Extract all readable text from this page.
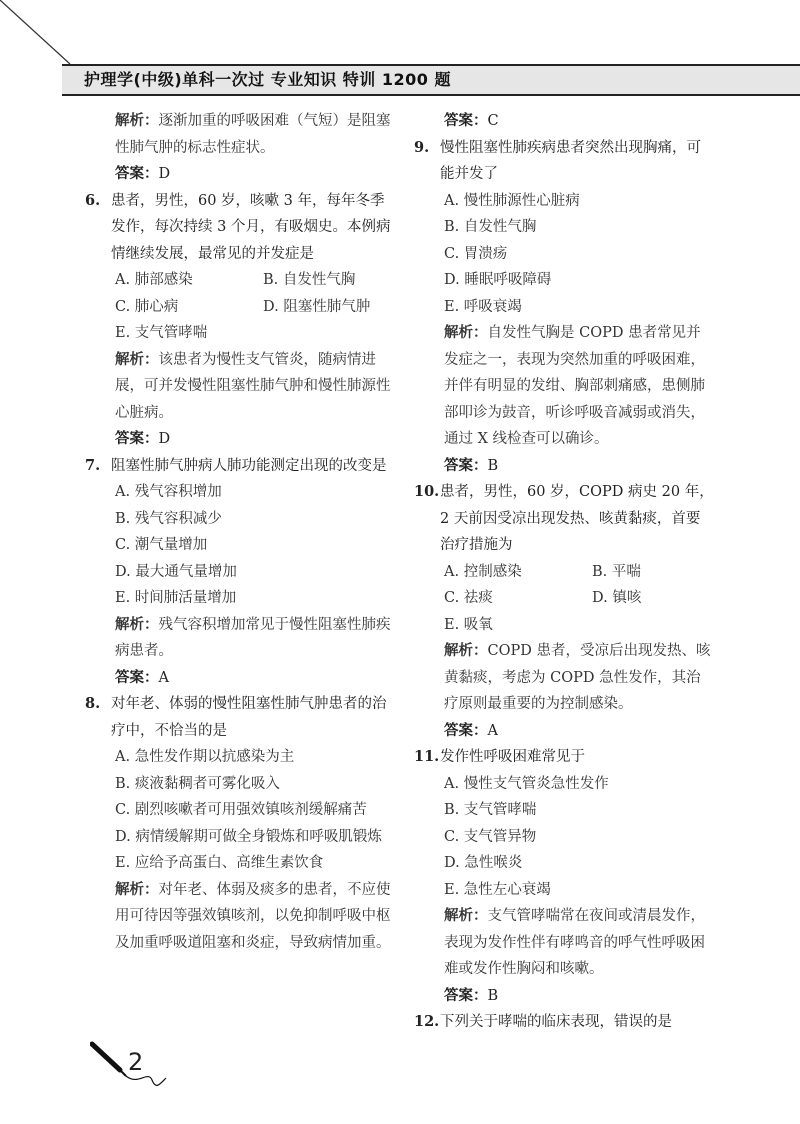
护理学(中级)单科一次过 专业知识 特训 1200 题
解析：逐渐加重的呼吸困难（气短）是阻塞性肺气肿的标志性症状。
答案：D
6. 患者，男性，60 岁，咳嗽 3 年，每年冬季发作，每次持续 3 个月，有吸烟史。本例病情继续发展，最常见的并发症是
A. 肺部感染	B. 自发性气胸
C. 肺心病	D. 阻塞性肺气肿
E. 支气管哮喘
解析：该患者为慢性支气管炎，随病情进展，可并发慢性阻塞性肺气肿和慢性肺源性心脏病。
答案：D
7. 阻塞性肺气肿病人肺功能测定出现的改变是
A. 残气容积增加
B. 残气容积减少
C. 潮气量增加
D. 最大通气量增加
E. 时间肺活量增加
解析：残气容积增加常见于慢性阻塞性肺疾病患者。
答案：A
8. 对年老、体弱的慢性阻塞性肺气肿患者的治疗中，不恰当的是
A. 急性发作期以抗感染为主
B. 痰液黏稠者可雾化吸入
C. 剧烈咳嗽者可用强效镇咳剂缓解痛苦
D. 病情缓解期可做全身锻炼和呼吸肌锻炼
E. 应给予高蛋白、高维生素饮食
解析：对年老、体弱及痰多的患者，不应使用可待因等强效镇咳剂，以免抑制呼吸中枢及加重呼吸道阻塞和炎症，导致病情加重。
答案：C
9. 慢性阻塞性肺疾病患者突然出现胸痛，可能并发了
A. 慢性肺源性心脏病
B. 自发性气胸
C. 胃溃疡
D. 睡眠呼吸障碍
E. 呼吸衰竭
解析：自发性气胸是 COPD 患者常见并发症之一，表现为突然加重的呼吸困难，并伴有明显的发绀、胸部刺痛感，患侧肺部叩诊为鼓音，听诊呼吸音减弱或消失，通过 X 线检查可以确诊。
答案：B
10. 患者，男性，60 岁，COPD 病史 20 年，2 天前因受凉出现发热、咳黄黏痰，首要治疗措施为
A. 控制感染	B. 平喘
C. 祛痰	D. 镇咳
E. 吸氧
解析：COPD 患者，受凉后出现发热、咳黄黏痰，考虑为 COPD 急性发作，其治疗原则最重要的为控制感染。
答案：A
11. 发作性呼吸困难常见于
A. 慢性支气管炎急性发作
B. 支气管哮喘
C. 支气管异物
D. 急性喉炎
E. 急性左心衰竭
解析：支气管哮喘常在夜间或清晨发作，表现为发作性伴有哮鸣音的呼气性呼吸困难或发作性胸闷和咳嗽。
答案：B
12. 下列关于哮喘的临床表现，错误的是
2
